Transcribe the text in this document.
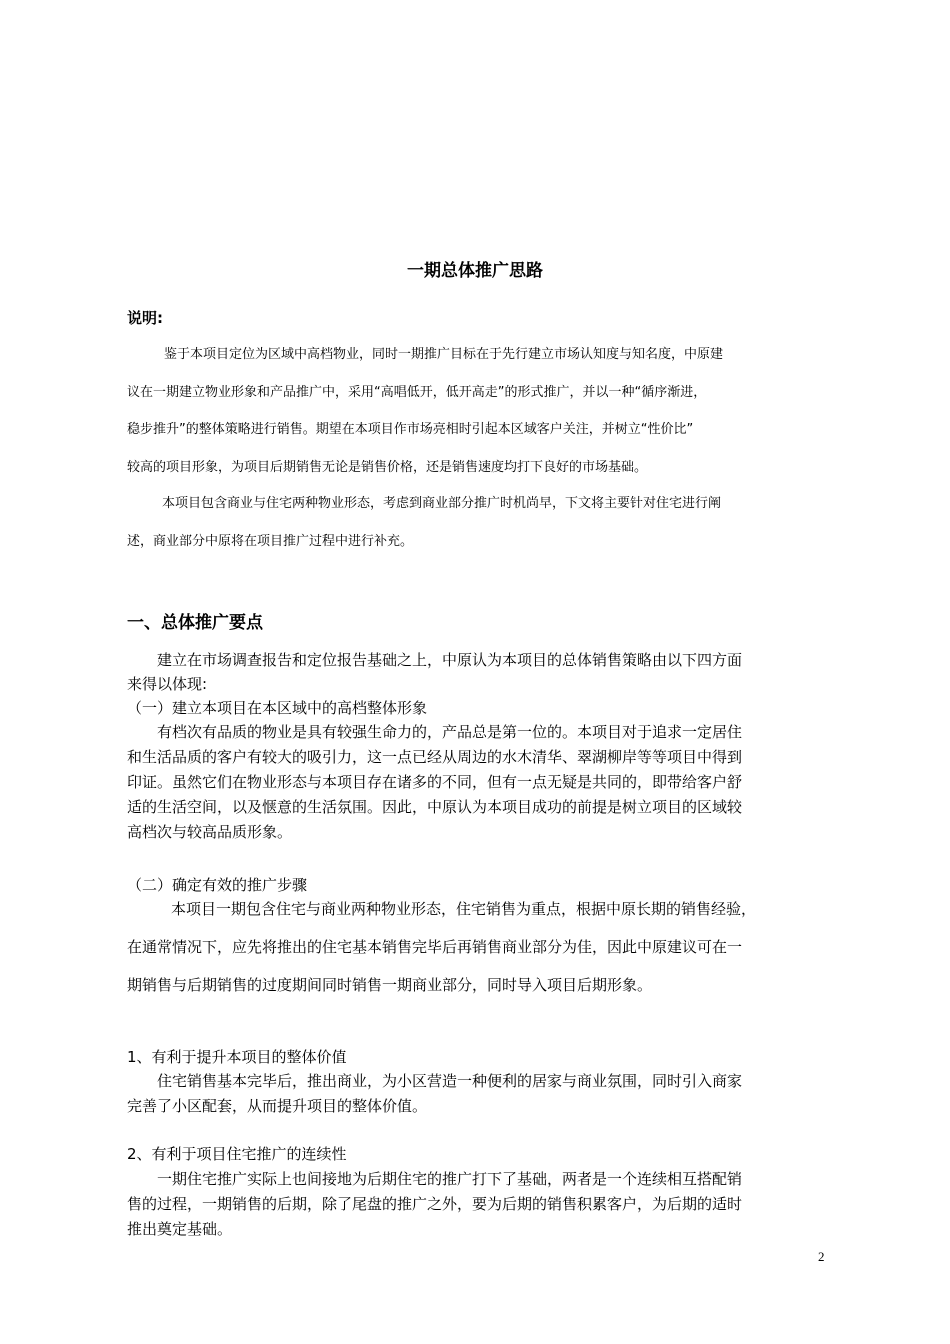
一期总体推广思路
说明:
鉴于本项目定位为区域中高档物业，同时一期推广目标在于先行建立市场认知度与知名度，中原建
议在一期建立物业形象和产品推广中，采用“高唱低开，低开高走”的形式推广，并以一种“循序渐进，
稳步推升”的整体策略进行销售。期望在本项目作市场亮相时引起本区域客户关注，并树立“性价比”
较高的项目形象，为项目后期销售无论是销售价格，还是销售速度均打下良好的市场基础。
本项目包含商业与住宅两种物业形态，考虑到商业部分推广时机尚早，下文将主要针对住宅进行阐
述，商业部分中原将在项目推广过程中进行补充。
一、总体推广要点
建立在市场调查报告和定位报告基础之上，中原认为本项目的总体销售策略由以下四方面
来得以体现:
（一）建立本项目在本区域中的高档整体形象
有档次有品质的物业是具有较强生命力的，产品总是第一位的。本项目对于追求一定居住
和生活品质的客户有较大的吸引力，这一点已经从周边的水木清华、翠湖柳岸等等项目中得到
印证。虽然它们在物业形态与本项目存在诸多的不同，但有一点无疑是共同的，即带给客户舒
适的生活空间，以及惬意的生活氛围。因此，中原认为本项目成功的前提是树立项目的区域较
高档次与较高品质形象。
（二）确定有效的推广步骤
本项目一期包含住宅与商业两种物业形态，住宅销售为重点，根据中原长期的销售经验，
在通常情况下，应先将推出的住宅基本销售完毕后再销售商业部分为佳，因此中原建议可在一
期销售与后期销售的过度期间同时销售一期商业部分，同时导入项目后期形象。
1、有利于提升本项目的整体价值
住宅销售基本完毕后，推出商业，为小区营造一种便利的居家与商业氛围，同时引入商家
完善了小区配套，从而提升项目的整体价值。
2、有利于项目住宅推广的连续性
一期住宅推广实际上也间接地为后期住宅的推广打下了基础，两者是一个连续相互搭配销
售的过程，一期销售的后期，除了尾盘的推广之外，要为后期的销售积累客户，为后期的适时
推出奠定基础。
2
